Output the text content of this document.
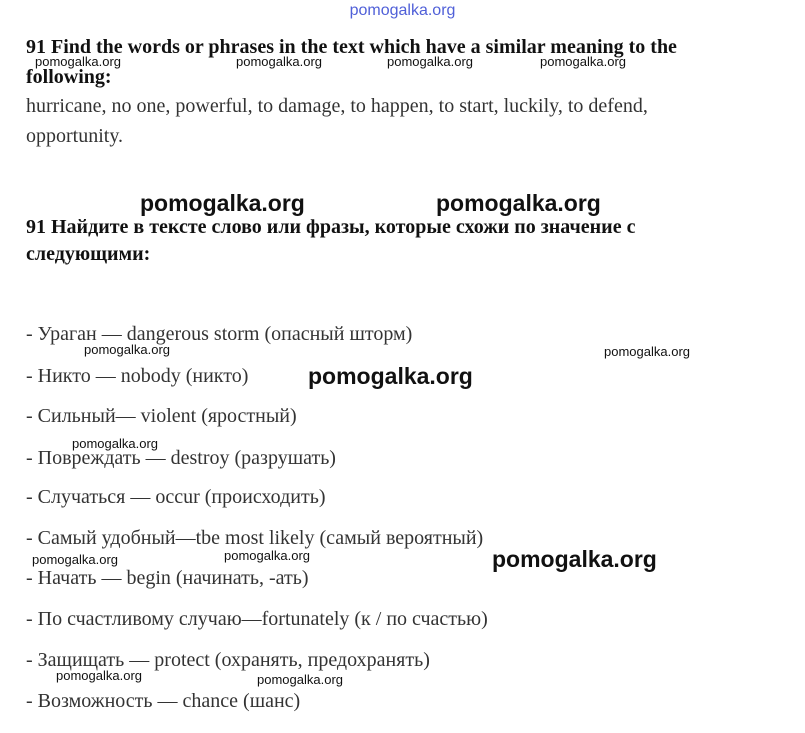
pomogalka.org
91 Find the words or phrases in the text which have a similar meaning to the
following:
hurricane, no one, powerful, to damage, to happen, to start, luckily, to defend,
opportunity.
91 Найдите в тексте слово или фразы, которые схожи по значение с
следующими:
- Ураган — dangerous storm (опасный шторм)
- Никто — nobody (никто)
- Сильный— violent (яростный)
- Повреждать — destroy (разрушать)
- Случаться — occur (происходить)
- Самый удобный—tbe most likely (самый вероятный)
- Начать — begin (начинать, -ать)
- По счастливому случаю—fortunately (к / по счастью)
- Защищать — protect (охранять, предохранять)
- Возможность — chance (шанс)
pomogalka.org	pomogalka.org	pomogalka.org	pomogalka.org
pomogalka.org	pomogalka.org
pomogalka.org	pomogalka.org
pomogalka.org
pomogalka.org
pomogalka.org	pomogalka.org	pomogalka.org
pomogalka.org	pomogalka.org
